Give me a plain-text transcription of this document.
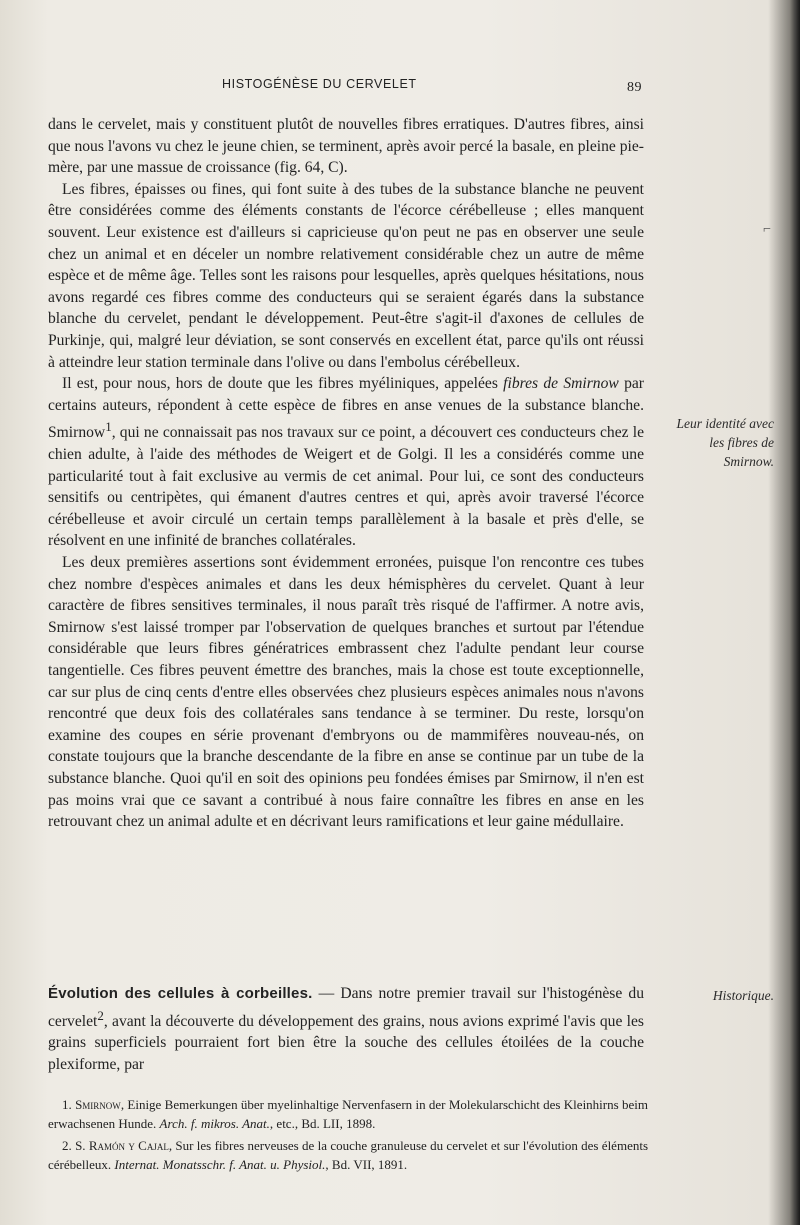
HISTOGÉNÈSE DU CERVELET	89

dans le cervelet, mais y constituent plutôt de nouvelles fibres erratiques. D'autres fibres, ainsi que nous l'avons vu chez le jeune chien, se terminent, après avoir percé la basale, en pleine pie-mère, par une massue de croissance (fig. 64, C).

Les fibres, épaisses ou fines, qui font suite à des tubes de la substance blanche ne peuvent être considérées comme des éléments constants de l'écorce cérébelleuse ; elles manquent souvent. Leur existence est d'ailleurs si capricieuse qu'on peut ne pas en observer une seule chez un animal et en déceler un nombre relativement considérable chez un autre de même espèce et de même âge. Telles sont les raisons pour lesquelles, après quelques hésitations, nous avons regardé ces fibres comme des conducteurs qui se seraient égarés dans la substance blanche du cervelet, pendant le développement. Peut-être s'agit-il d'axones de cellules de Purkinje, qui, malgré leur déviation, se sont conservés en excellent état, parce qu'ils ont réussi à atteindre leur station terminale dans l'olive ou dans l'embolus cérébelleux.

Il est, pour nous, hors de doute que les fibres myéliniques, appelées fibres de Smirnow par certains auteurs, répondent à cette espèce de fibres en anse venues de la substance blanche. Smirnow$^1$, qui ne connaissait pas nos travaux sur ce point, a découvert ces conducteurs chez le chien adulte, à l'aide des méthodes de Weigert et de Golgi. Il les a considérés comme une particularité tout à fait exclusive au vermis de cet animal. Pour lui, ce sont des conducteurs sensitifs ou centripètes, qui émanent d'autres centres et qui, après avoir traversé l'écorce cérébelleuse et avoir circulé un certain temps parallèlement à la basale et près d'elle, se résolvent en une infinité de branches collatérales.

Les deux premières assertions sont évidemment erronées, puisque l'on rencontre ces tubes chez nombre d'espèces animales et dans les deux hémisphères du cervelet. Quant à leur caractère de fibres sensitives terminales, il nous paraît très risqué de l'affirmer. A notre avis, Smirnow s'est laissé tromper par l'observation de quelques branches et surtout par l'étendue considérable que leurs fibres génératrices embrassent chez l'adulte pendant leur course tangentielle. Ces fibres peuvent émettre des branches, mais la chose est toute exceptionnelle, car sur plus de cinq cents d'entre elles observées chez plusieurs espèces animales nous n'avons rencontré que deux fois des collatérales sans tendance à se terminer. Du reste, lorsqu'on examine des coupes en série provenant d'embryons ou de mammifères nouveau-nés, on constate toujours que la branche descendante de la fibre en anse se continue par un tube de la substance blanche. Quoi qu'il en soit des opinions peu fondées émises par Smirnow, il n'en est pas moins vrai que ce savant a contribué à nous faire connaître les fibres en anse en les retrouvant chez un animal adulte et en décrivant leurs ramifications et leur gaine médullaire.

Évolution des cellules à corbeilles. — Dans notre premier travail sur l'histogénèse du cervelet$^2$, avant la découverte du développement des grains, nous avions exprimé l'avis que les grains superficiels pourraient fort bien être la souche des cellules étoilées de la couche plexiforme, par

Leur identité avec les fibres de Smirnow.
Historique.

1. Smirnow, Einige Bemerkungen über myelinhaltige Nervenfasern in der Molekularschicht des Kleinhirns beim erwachsenen Hunde. Arch. f. mikros. Anat., etc., Bd. LII, 1898.

2. S. Ramón y Cajal, Sur les fibres nerveuses de la couche granuleuse du cervelet et sur l'évolution des éléments cérébelleux. Internat. Monatsschr. f. Anat. u. Physiol., Bd. VII, 1891.

⌐
